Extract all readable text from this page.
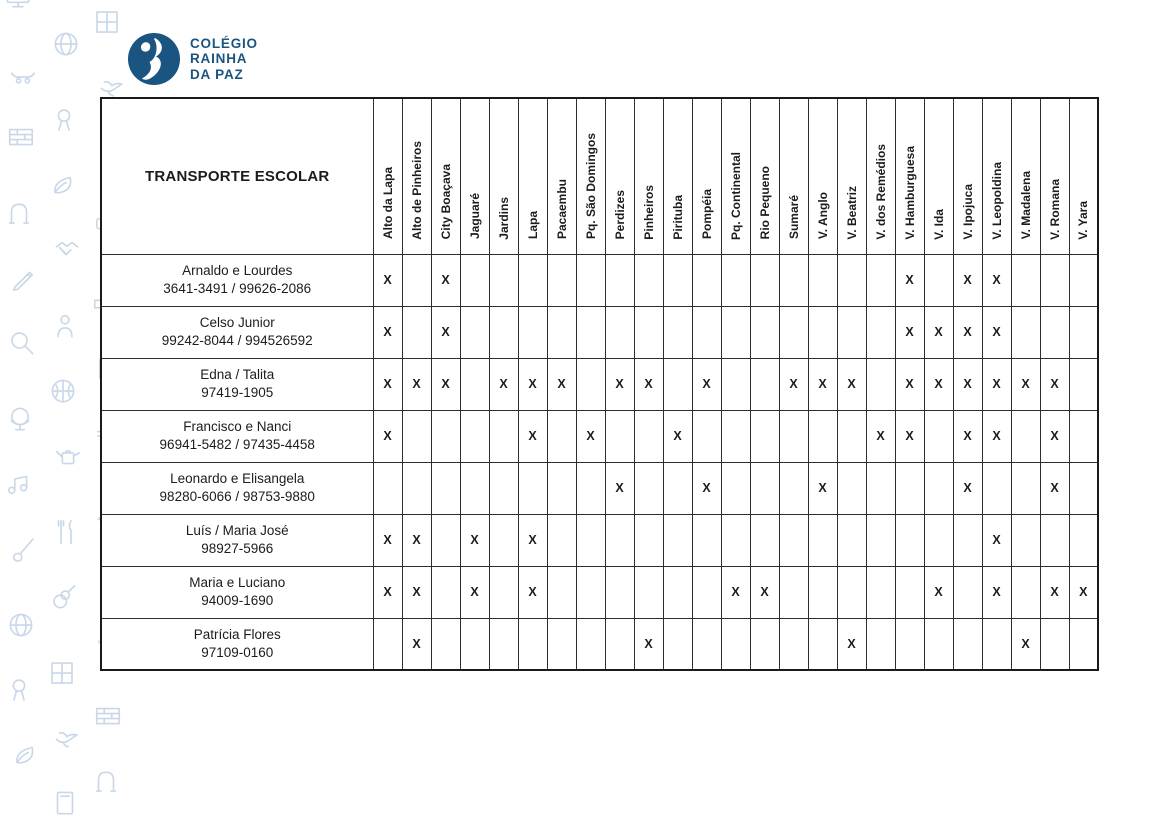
COLÉGIO
RAINHA
DA PAZ
TRANSPORTE ESCOLAR	Alto da Lapa	Alto de Pinheiros	City Boaçava	Jaguaré	Jardins	Lapa	Pacaembu	Pq. São Domingos	Perdizes	Pinheiros	Pirituba	Pompéia	Pq. Continental	Rio Pequeno	Sumaré	V. Anglo	V. Beatriz	V. dos Remédios	V. Hamburguesa	V. Ida	V. Ipojuca	V. Leopoldina	V. Madalena	V. Romana	V. Yara

Arnaldo e Lourdes
3641-3491 / 99626-2086	X		X																X		X	X			

Celso Junior
99242-8044 / 994526592	X		X																X	X	X	X			

Edna / Talita
97419-1905	X	X	X		X	X	X		X	X		X			X	X	X		X	X	X	X	X	X	

Francisco e Nanci
96941-5482 / 97435-4458	X					X		X			X							X	X		X	X		X	

Leonardo e Elisangela
98280-6066 / 98753-9880									X			X				X					X			X	

Luís / Maria José
98927-5966	X	X		X		X																X			

Maria e Luciano
94009-1690	X	X		X		X							X	X						X		X		X	X

Patrícia Flores
97109-0160		X								X							X						X		
